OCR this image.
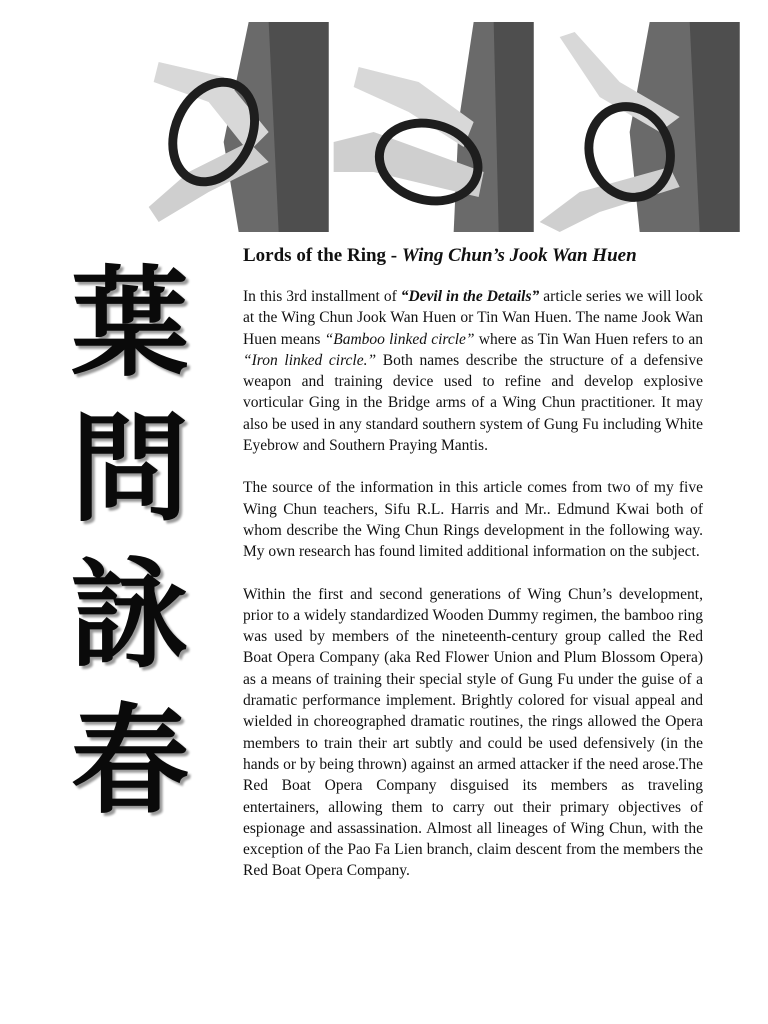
葉
問
詠
春
Lords of the Ring - Wing Chun’s Jook Wan Huen

In this 3rd installment of “Devil in the Details” article series we will look at the Wing Chun Jook Wan Huen or Tin Wan Huen. The name Jook Wan Huen means “Bamboo linked circle” where as Tin Wan Huen refers to an “Iron linked circle.” Both names describe the structure of a defensive weapon and training device used to refine and develop explosive vorticular Ging in the Bridge arms of a Wing Chun practitioner. It may also be used in any standard southern system of Gung Fu including White Eyebrow and Southern Praying Mantis.

The source of the information in this article comes from two of my five Wing Chun teachers, Sifu R.L. Harris and Mr.. Edmund Kwai both of whom describe the Wing Chun Rings development in the following way. My own research has found limited additional information on the subject.

Within the first and second generations of Wing Chun’s development, prior to a widely standardized Wooden Dummy regimen, the bamboo ring was used by members of the nineteenth-century group called the Red Boat Opera Company (aka Red Flower Union and Plum Blossom Opera) as a means of training their special style of Gung Fu under the guise of a dramatic performance implement. Brightly colored for visual appeal and wielded in choreographed dramatic routines, the rings allowed the Opera members to train their art subtly and could be used defensively (in the hands or by being thrown) against an armed attacker if the need arose.The Red Boat Opera Company disguised its members as traveling entertainers, allowing them to carry out their primary objectives of espionage and assassination. Almost all lineages of Wing Chun, with the exception of the Pao Fa Lien branch, claim descent from the members the Red Boat Opera Company.
